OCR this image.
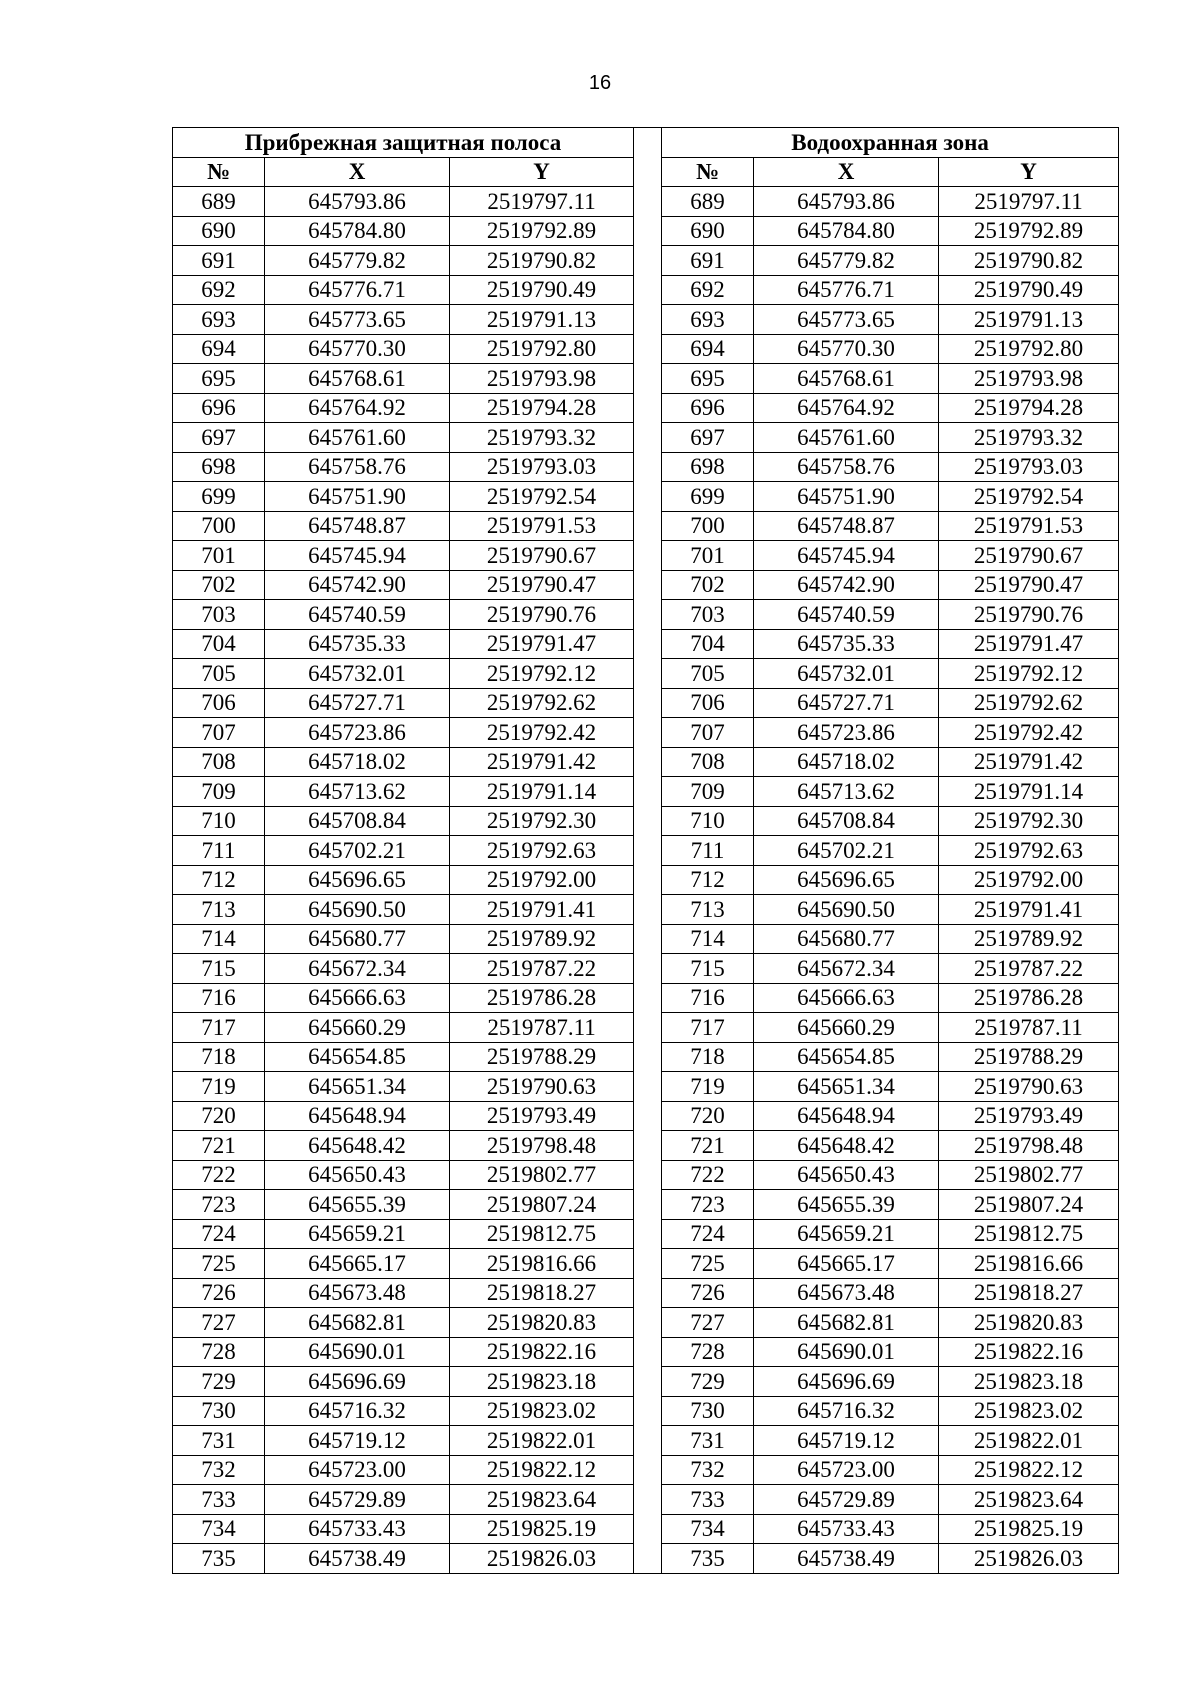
16
Прибрежная защитная полоса				Водоохранная зона		
№	X	Y		№	X	Y
689	645793.86	2519797.11		689	645793.86	2519797.11
690	645784.80	2519792.89		690	645784.80	2519792.89
691	645779.82	2519790.82		691	645779.82	2519790.82
692	645776.71	2519790.49		692	645776.71	2519790.49
693	645773.65	2519791.13		693	645773.65	2519791.13
694	645770.30	2519792.80		694	645770.30	2519792.80
695	645768.61	2519793.98		695	645768.61	2519793.98
696	645764.92	2519794.28		696	645764.92	2519794.28
697	645761.60	2519793.32		697	645761.60	2519793.32
698	645758.76	2519793.03		698	645758.76	2519793.03
699	645751.90	2519792.54		699	645751.90	2519792.54
700	645748.87	2519791.53		700	645748.87	2519791.53
701	645745.94	2519790.67		701	645745.94	2519790.67
702	645742.90	2519790.47		702	645742.90	2519790.47
703	645740.59	2519790.76		703	645740.59	2519790.76
704	645735.33	2519791.47		704	645735.33	2519791.47
705	645732.01	2519792.12		705	645732.01	2519792.12
706	645727.71	2519792.62		706	645727.71	2519792.62
707	645723.86	2519792.42		707	645723.86	2519792.42
708	645718.02	2519791.42		708	645718.02	2519791.42
709	645713.62	2519791.14		709	645713.62	2519791.14
710	645708.84	2519792.30		710	645708.84	2519792.30
711	645702.21	2519792.63		711	645702.21	2519792.63
712	645696.65	2519792.00		712	645696.65	2519792.00
713	645690.50	2519791.41		713	645690.50	2519791.41
714	645680.77	2519789.92		714	645680.77	2519789.92
715	645672.34	2519787.22		715	645672.34	2519787.22
716	645666.63	2519786.28		716	645666.63	2519786.28
717	645660.29	2519787.11		717	645660.29	2519787.11
718	645654.85	2519788.29		718	645654.85	2519788.29
719	645651.34	2519790.63		719	645651.34	2519790.63
720	645648.94	2519793.49		720	645648.94	2519793.49
721	645648.42	2519798.48		721	645648.42	2519798.48
722	645650.43	2519802.77		722	645650.43	2519802.77
723	645655.39	2519807.24		723	645655.39	2519807.24
724	645659.21	2519812.75		724	645659.21	2519812.75
725	645665.17	2519816.66		725	645665.17	2519816.66
726	645673.48	2519818.27		726	645673.48	2519818.27
727	645682.81	2519820.83		727	645682.81	2519820.83
728	645690.01	2519822.16		728	645690.01	2519822.16
729	645696.69	2519823.18		729	645696.69	2519823.18
730	645716.32	2519823.02		730	645716.32	2519823.02
731	645719.12	2519822.01		731	645719.12	2519822.01
732	645723.00	2519822.12		732	645723.00	2519822.12
733	645729.89	2519823.64		733	645729.89	2519823.64
734	645733.43	2519825.19		734	645733.43	2519825.19
735	645738.49	2519826.03		735	645738.49	2519826.03
